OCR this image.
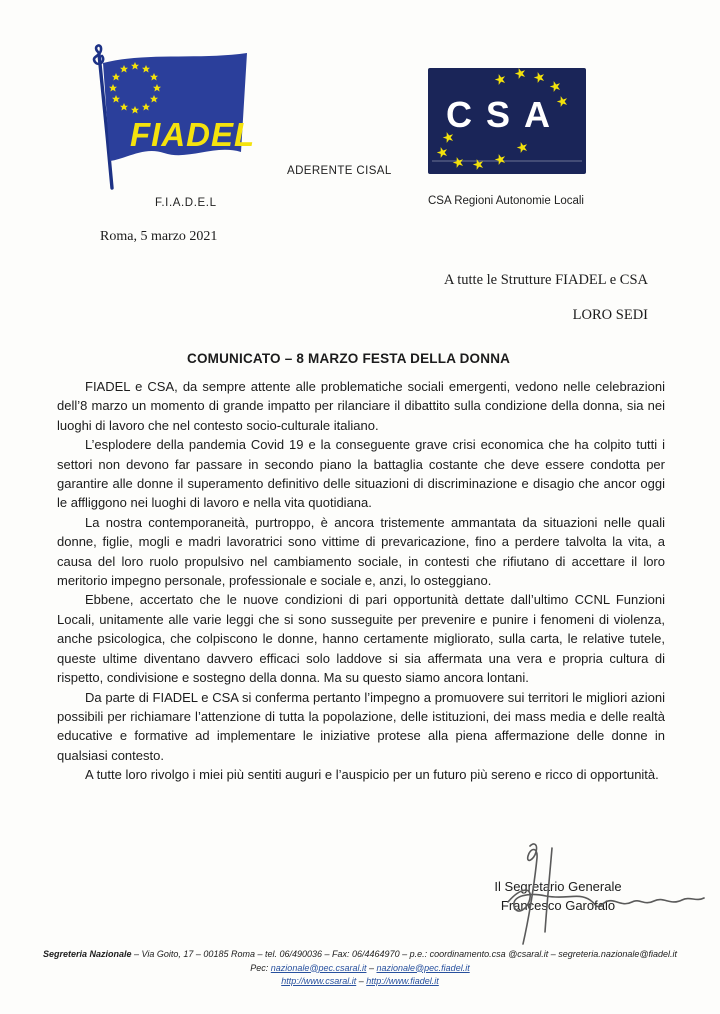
FIADEL
ADERENTE CISAL
F.I.A.D.E.L
CSA
CSA Regioni Autonomie Locali
Roma, 5 marzo 2021
A tutte le Strutture FIADEL e CSA
LORO SEDI
COMUNICATO – 8 MARZO FESTA DELLA DONNA

FIADEL e CSA, da sempre attente alle problematiche sociali emergenti, vedono nelle celebrazioni dell’8 marzo un momento di grande impatto per rilanciare il dibattito sulla condizione della donna, sia nei luoghi di lavoro che nel contesto socio-culturale italiano.

L’esplodere della pandemia Covid 19 e la conseguente grave crisi economica che ha colpito tutti i settori non devono far passare in secondo piano la battaglia costante che deve essere condotta per garantire alle donne il superamento definitivo delle situazioni di discriminazione e disagio che ancor oggi le affliggono nei luoghi di lavoro e nella vita quotidiana.

La nostra contemporaneità, purtroppo, è ancora tristemente ammantata da situazioni nelle quali donne, figlie, mogli e madri lavoratrici sono vittime di prevaricazione, fino a perdere talvolta la vita, a causa del loro ruolo propulsivo nel cambiamento sociale, in contesti che rifiutano di accettare il loro meritorio impegno personale, professionale e sociale e, anzi, lo osteggiano.

Ebbene, accertato che le nuove condizioni di pari opportunità dettate dall’ultimo CCNL Funzioni Locali, unitamente alle varie leggi che si sono susseguite per prevenire e punire i fenomeni di violenza, anche psicologica, che colpiscono le donne, hanno certamente migliorato, sulla carta, le relative tutele, queste ultime diventano davvero efficaci solo laddove si sia affermata una vera e propria cultura di rispetto, condivisione e sostegno della donna. Ma su questo siamo ancora lontani.

Da parte di FIADEL e CSA si conferma pertanto l’impegno a promuovere sui territori le migliori azioni possibili per richiamare l’attenzione di tutta la popolazione, delle istituzioni, dei mass media e delle realtà educative e formative ad implementare le iniziative protese alla piena affermazione delle donne in qualsiasi contesto.

A tutte loro rivolgo i miei più sentiti auguri e l’auspicio per un futuro più sereno e ricco di opportunità.

Il Segretario Generale
Francesco Garofalo
Segreteria Nazionale – Via Goito, 17 – 00185 Roma – tel. 06/490036 – Fax: 06/4464970 – p.e.: coordinamento.csa @csaral.it – segreteria.nazionale@fiadel.it
Pec: nazionale@pec.csaral.it – nazionale@pec.fiadel.it
http://www.csaral.it – http://www.fiadel.it
